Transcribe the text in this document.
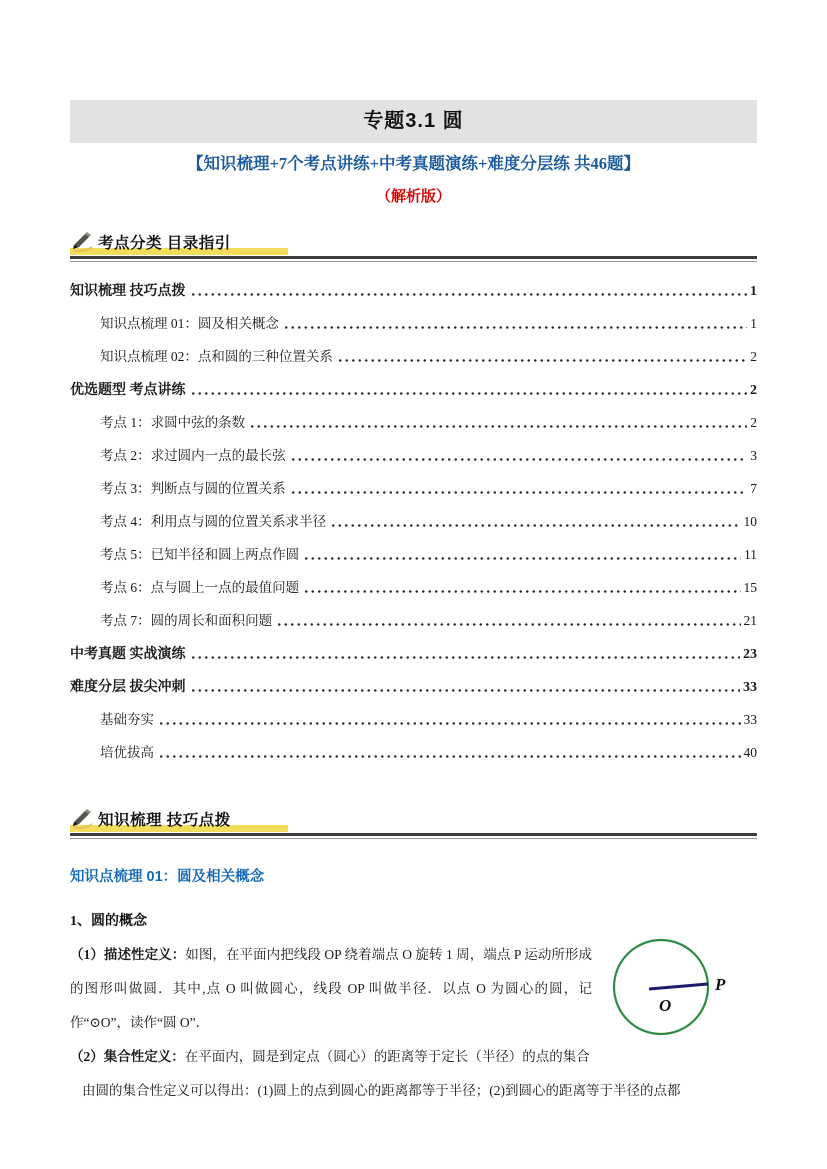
专题3.1 圆
【知识梳理+7个考点讲练+中考真题演练+难度分层练 共46题】
（解析版）
考点分类 目录指引
知识梳理 技巧点拨	1
知识点梳理 01：圆及相关概念	1
知识点梳理 02：点和圆的三种位置关系	2
优选题型 考点讲练	2
考点 1：求圆中弦的条数	2
考点 2：求过圆内一点的最长弦	3
考点 3：判断点与圆的位置关系	7
考点 4：利用点与圆的位置关系求半径	10
考点 5：已知半径和圆上两点作圆	11
考点 6：点与圆上一点的最值问题	15
考点 7：圆的周长和面积问题	21
中考真题 实战演练	23
难度分层 拔尖冲刺	33
基础夯实	33
培优拔高	40
知识梳理 技巧点拨
知识点梳理 01：圆及相关概念
1、圆的概念
O
P
（1）描述性定义：如图，在平面内把线段 OP 绕着端点 O 旋转 1 周，端点 P 运动所形成的图形叫做圆．其中,点 O 叫做圆心，线段 OP 叫做半径．以点 O 为圆心的圆，记作“⊙O”，读作“圆 O”．
（2）集合性定义：在平面内，圆是到定点（圆心）的距离等于定长（半径）的点的集合
由圆的集合性定义可以得出：(1)圆上的点到圆心的距离都等于半径；(2)到圆心的距离等于半径的点都
